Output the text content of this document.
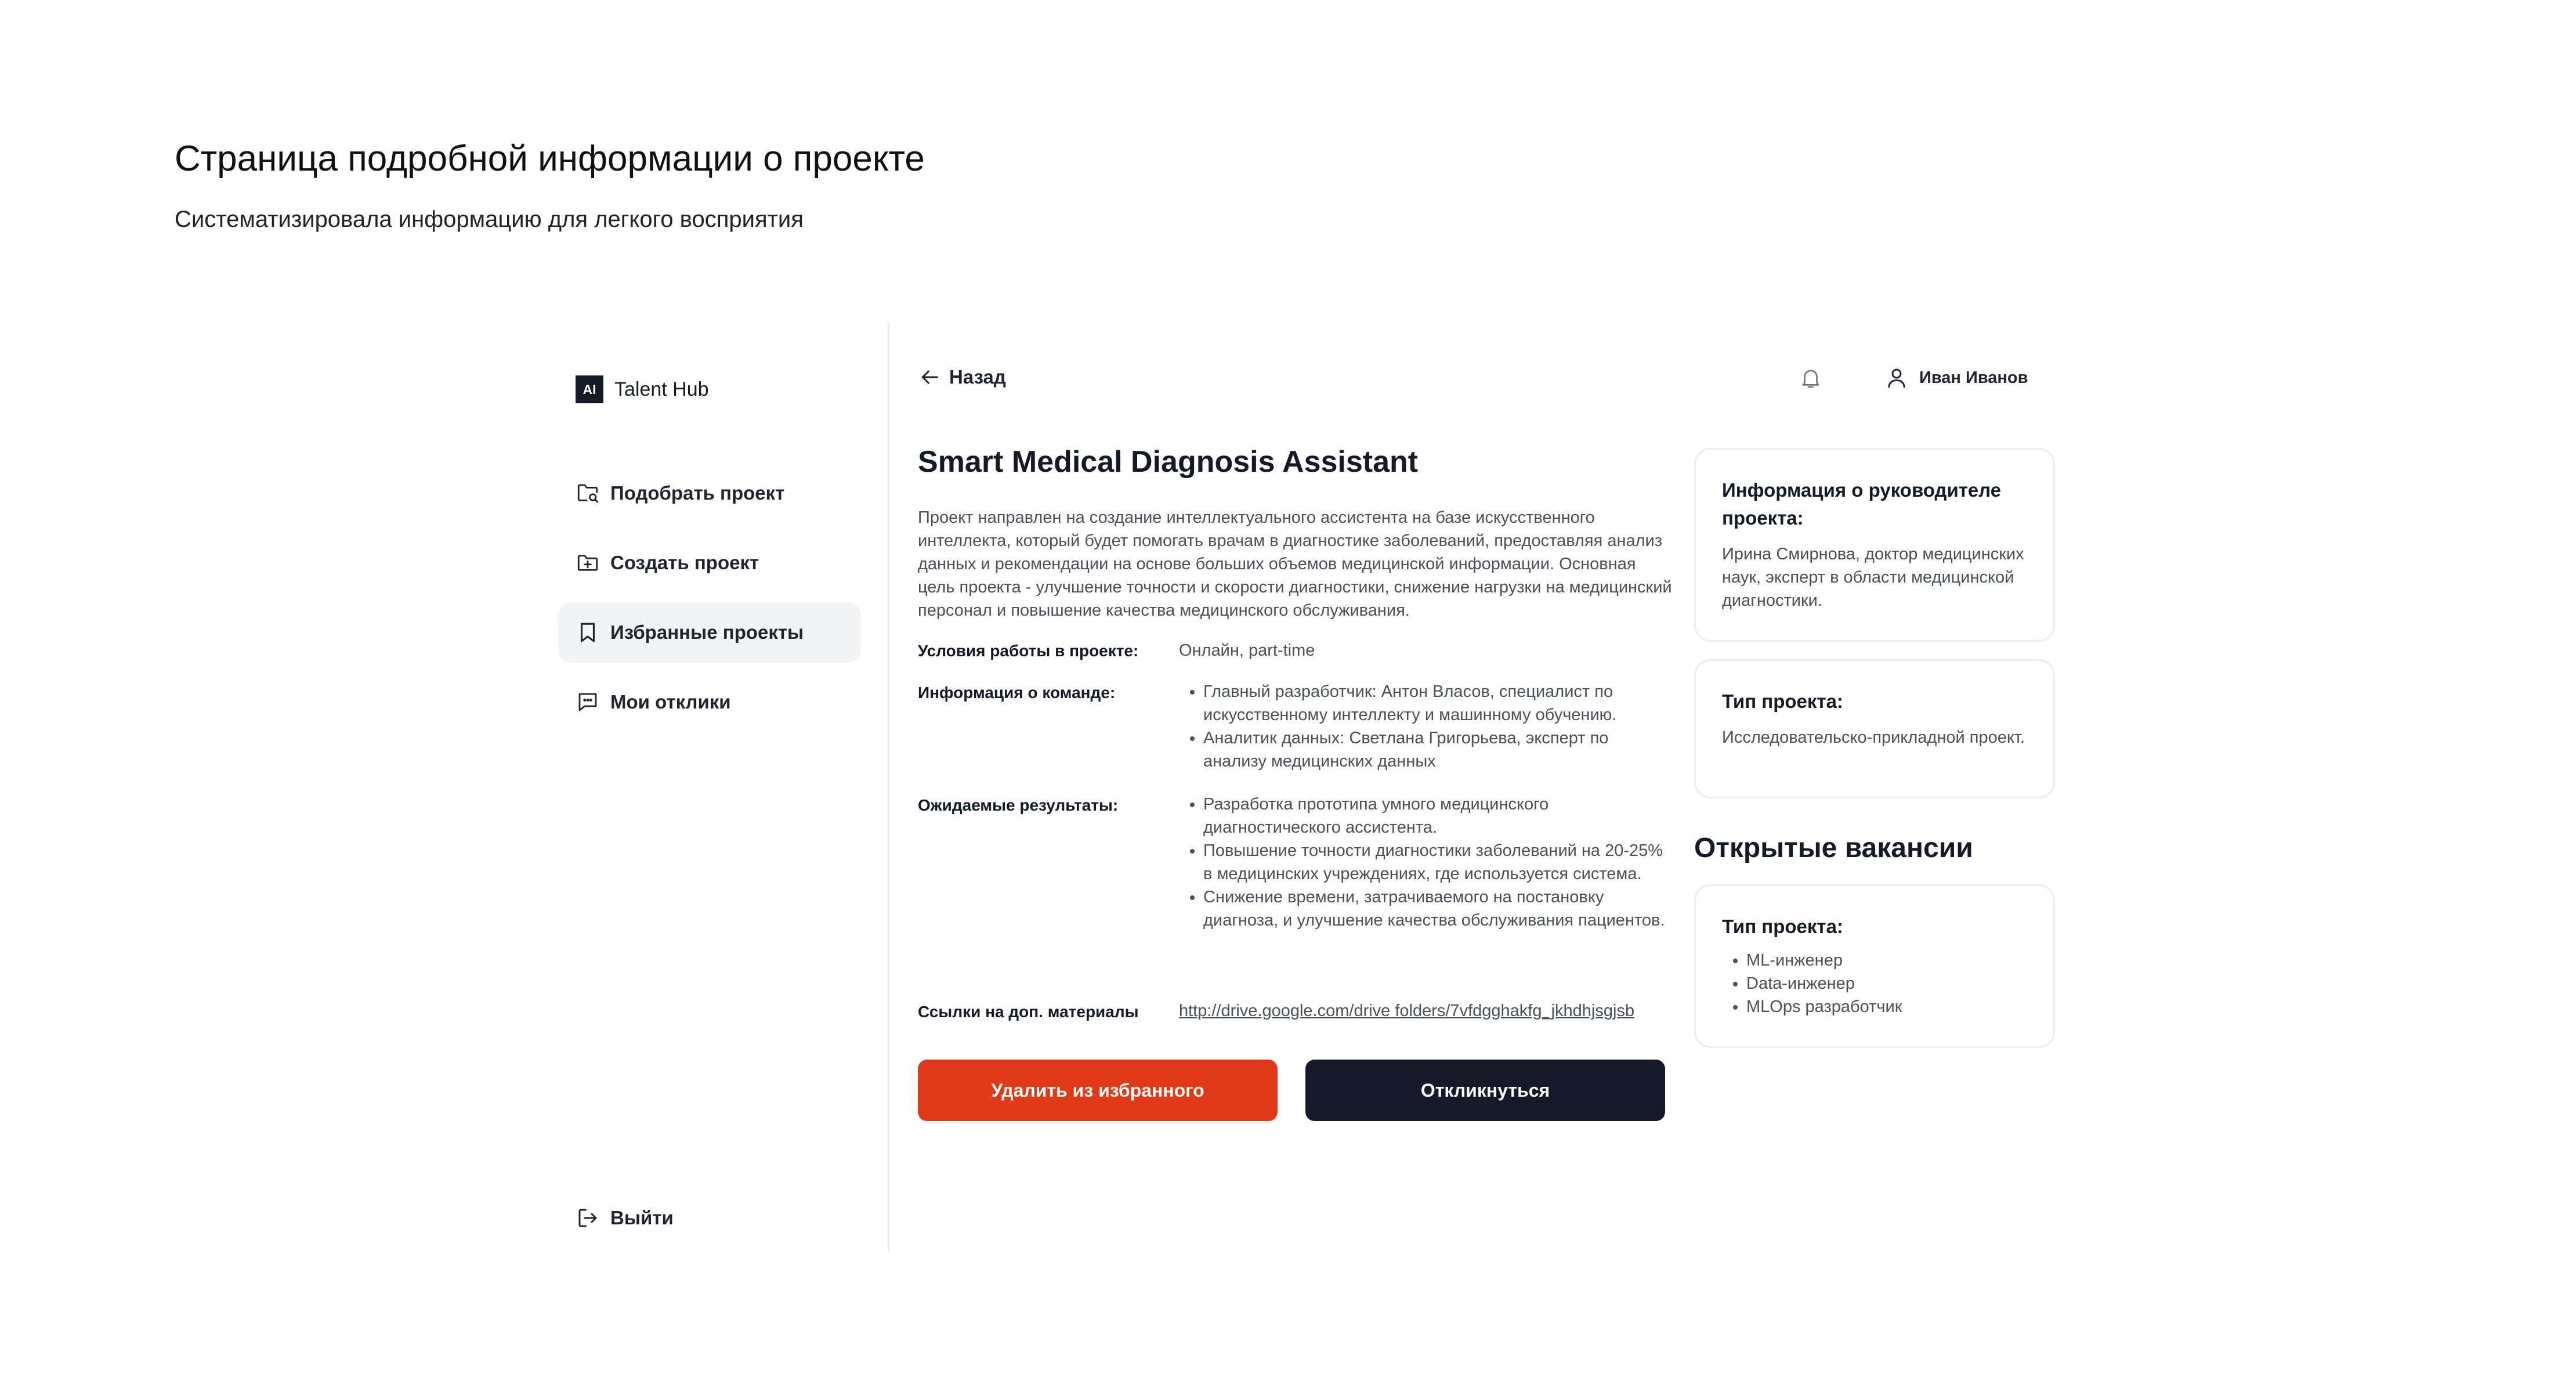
Страница подробной информации о проекте
Систематизировала информацию для легкого восприятия
AI Talent Hub
Подобрать проект
Создать проект
Избранные проекты
Мои отклики
Выйти
Назад	Иван Иванов
Smart Medical Diagnosis Assistant

Проект направлен на создание интеллектуального ассистента на базе искусственного интеллекта, который будет помогать врачам в диагностике заболеваний, предоставляя анализ данных и рекомендации на основе больших объемов медицинской информации. Основная цель проекта - улучшение точности и скорости диагностики, снижение нагрузки на медицинский персонал и повышение качества медицинского обслуживания.

Условия работы в проекте: Онлайн, part-time
Информация о команде:	• Главный разработчик: Антон Власов, специалист по искусственному интеллекту и машинному обучению.
• Аналитик данных: Светлана Григорьева, эксперт по анализу медицинских данных
Ожидаемые результаты:	• Разработка прототипа умного медицинского диагностического ассистента.
• Повышение точности диагностики заболеваний на 20-25% в медицинских учреждениях, где используется система.
• Снижение времени, затрачиваемого на постановку диагноза, и улучшение качества обслуживания пациентов.
Ссылки на доп. материалы http://drive.google.com/drive folders/7vfdgghakfg_jkhdhjsgjsb
Удалить из избранного	Откликнуться

Информация о руководителе проекта:

Ирина Смирнова, доктор медицинских наук, эксперт в области медицинской диагностики.

Тип проекта:

Исследовательско-прикладной проект.

Открытые вакансии

Тип проекта:

• ML-инженер
• Data-инженер
• MLOps разработчик
